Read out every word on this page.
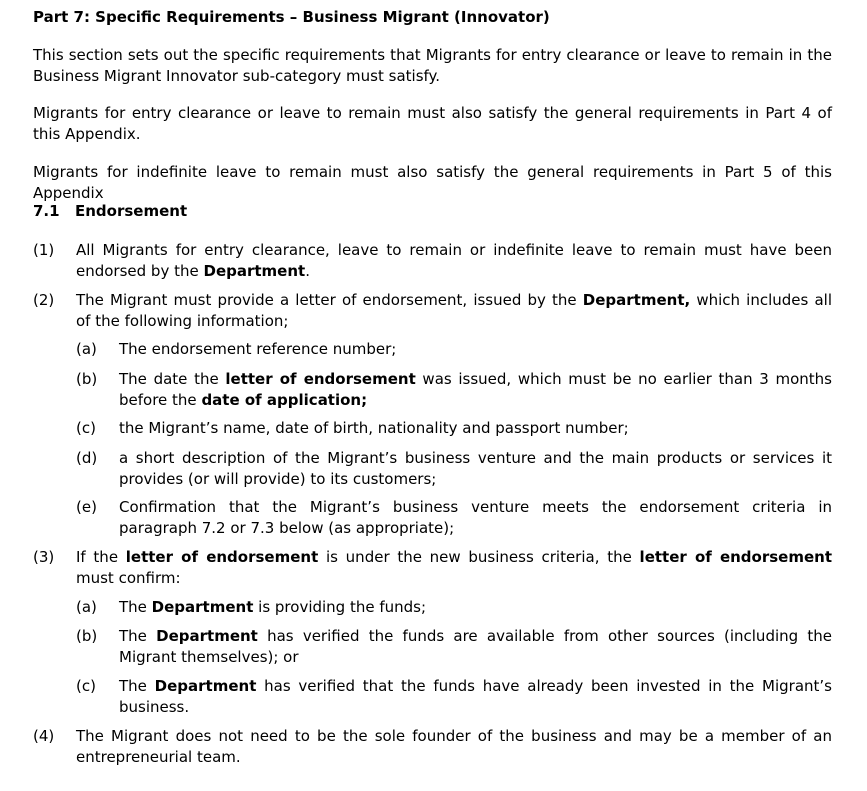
Part 7: Specific Requirements – Business Migrant (Innovator)
This section sets out the specific requirements that Migrants for entry clearance or leave to remain in the Business Migrant Innovator sub-category must satisfy.
Migrants for entry clearance or leave to remain must also satisfy the general requirements in Part 4 of this Appendix.
Migrants for indefinite leave to remain must also satisfy the general requirements in Part 5 of this Appendix
7.1 Endorsement
(1) All Migrants for entry clearance, leave to remain or indefinite leave to remain must have been endorsed by the Department.
(2) The Migrant must provide a letter of endorsement, issued by the Department, which includes all of the following information;
(a) The endorsement reference number;
(b) The date the letter of endorsement was issued, which must be no earlier than 3 months before the date of application;
(c) the Migrant’s name, date of birth, nationality and passport number;
(d) a short description of the Migrant’s business venture and the main products or services it provides (or will provide) to its customers;
(e) Confirmation that the Migrant’s business venture meets the endorsement criteria in paragraph 7.2 or 7.3 below (as appropriate);
(3) If the letter of endorsement is under the new business criteria, the letter of endorsement must confirm:
(a) The Department is providing the funds;
(b) The Department has verified the funds are available from other sources (including the Migrant themselves); or
(c) The Department has verified that the funds have already been invested in the Migrant’s business.
(4) The Migrant does not need to be the sole founder of the business and may be a member of an entrepreneurial team.
